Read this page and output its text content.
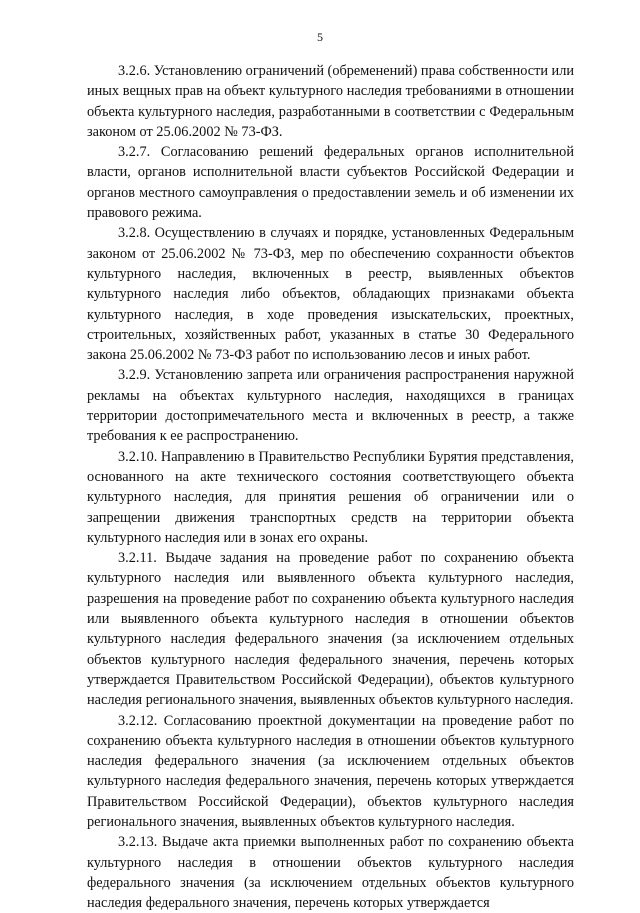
5

3.2.6. Установлению ограничений (обременений) права собственности или иных вещных прав на объект культурного наследия требованиями в отношении объекта культурного наследия, разработанными в соответствии с Федеральным законом от 25.06.2002 № 73-ФЗ.

3.2.7. Согласованию решений федеральных органов исполнительной власти, органов исполнительной власти субъектов Российской Федерации и органов местного самоуправления о предоставлении земель и об изменении их правового режима.

3.2.8. Осуществлению в случаях и порядке, установленных Федеральным законом от 25.06.2002 № 73-ФЗ, мер по обеспечению сохранности объектов культурного наследия, включенных в реестр, выявленных объектов культурного наследия либо объектов, обладающих признаками объекта культурного наследия, в ходе проведения изыскательских, проектных, строительных, хозяйственных работ, указанных в статье 30 Федерального закона 25.06.2002 № 73-ФЗ работ по использованию лесов и иных работ.

3.2.9. Установлению запрета или ограничения распространения наружной рекламы на объектах культурного наследия, находящихся в границах территории достопримечательного места и включенных в реестр, а также требования к ее распространению.

3.2.10. Направлению в Правительство Республики Бурятия представления, основанного на акте технического состояния соответствующего объекта культурного наследия, для принятия решения об ограничении или о запрещении движения транспортных средств на территории объекта культурного наследия или в зонах его охраны.

3.2.11. Выдаче задания на проведение работ по сохранению объекта культурного наследия или выявленного объекта культурного наследия, разрешения на проведение работ по сохранению объекта культурного наследия или выявленного объекта культурного наследия в отношении объектов культурного наследия федерального значения (за исключением отдельных объектов культурного наследия федерального значения, перечень которых утверждается Правительством Российской Федерации), объектов культурного наследия регионального значения, выявленных объектов культурного наследия.

3.2.12. Согласованию проектной документации на проведение работ по сохранению объекта культурного наследия в отношении объектов культурного наследия федерального значения (за исключением отдельных объектов культурного наследия федерального значения, перечень которых утверждается Правительством Российской Федерации), объектов культурного наследия регионального значения, выявленных объектов культурного наследия.

3.2.13. Выдаче акта приемки выполненных работ по сохранению объекта культурного наследия в отношении объектов культурного наследия федерального значения (за исключением отдельных объектов культурного наследия федерального значения, перечень которых утверждается
